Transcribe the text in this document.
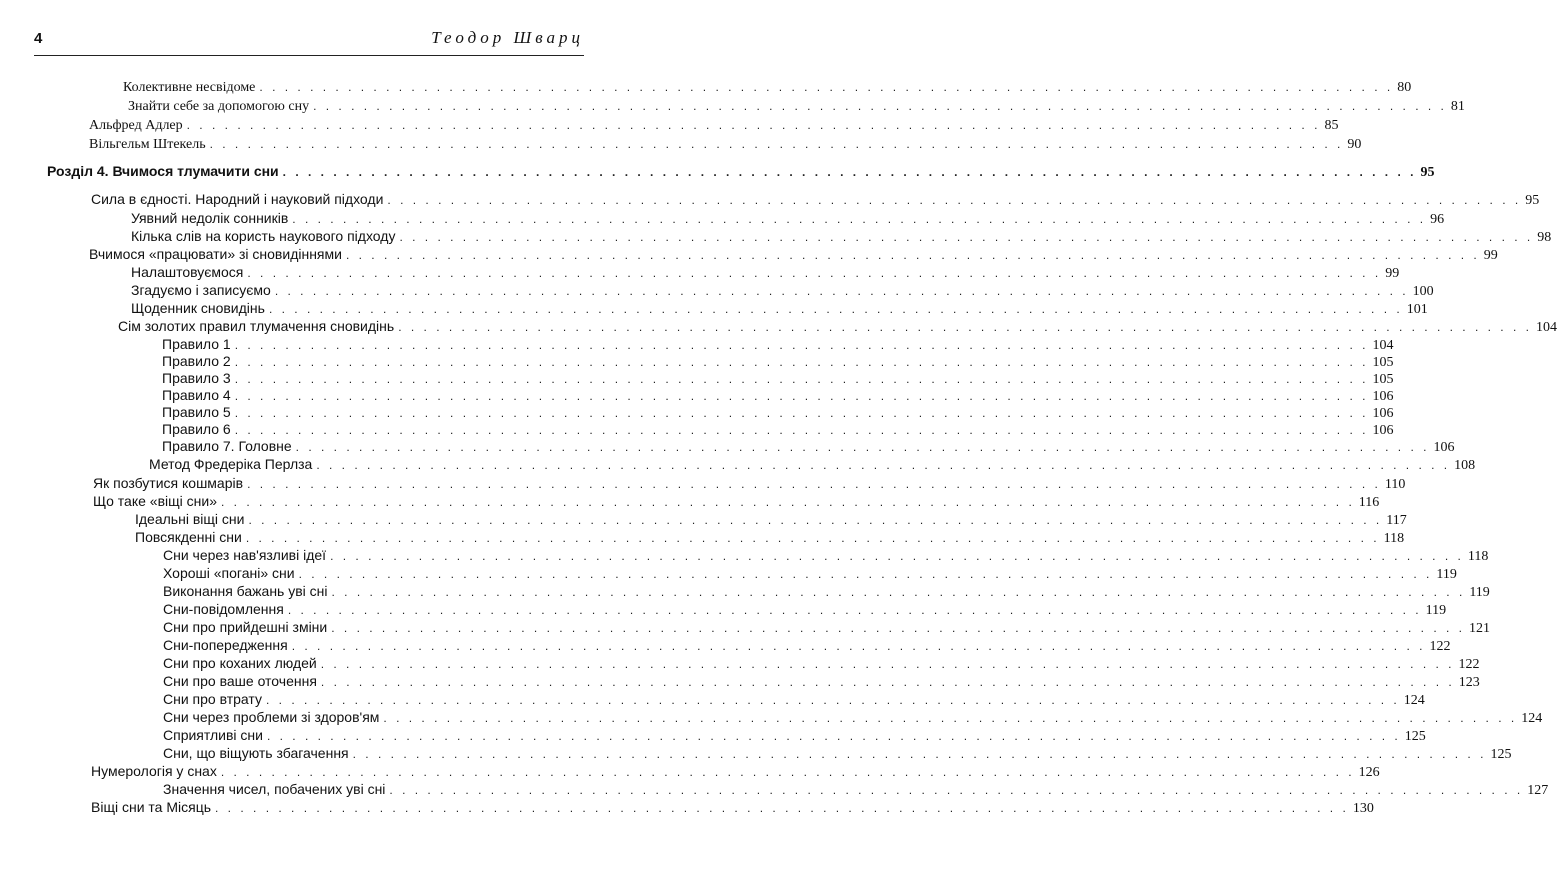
4	Теодор Шварц
Колективне несвідоме . . . . . . . . . . . . . . . . . . . . . . . . . . . . . . . . . . . . . . . . . . . . . . . . . . . . . . . . . . . . . . . . . . . . . . . . . . . . . . . . . . . . . . . . . . 80
Знайти себе за допомогою сну . . . . . . . . . . . . . . . . . . . . . . . . . . . . . . . . . . . . . . . . . . . . . . . . . . . . . . . . . . . . . . . . . . . . . . . . . . . . . . . . . . . . . . . . . . 81
Альфред Адлер . . . . . . . . . . . . . . . . . . . . . . . . . . . . . . . . . . . . . . . . . . . . . . . . . . . . . . . . . . . . . . . . . . . . . . . . . . . . . . . . . . . . . . . . . . 85
Вільгельм Штекель . . . . . . . . . . . . . . . . . . . . . . . . . . . . . . . . . . . . . . . . . . . . . . . . . . . . . . . . . . . . . . . . . . . . . . . . . . . . . . . . . . . . . . . . . . 90
Розділ 4. Вчимося тлумачити сни . . . . . . . . . . . . . . . . . . . . . . . . . . . . . . . . . . . . . . . . . . . . . . . . . . . . . . . . . . . . . . . . . . . . . . . . . . . . . . . . . . . . . . . . . . 95
Сила в єдності. Народний і науковий підходи . . . . . . . . . . . . . . . . . . . . . . . . . . . . . . . . . . . . . . . . . . . . . . . . . . . . . . . . . . . . . . . . . . . . . . . . . . . . . . . . . . . . . . . . . . 95
Уявний недолік сонників . . . . . . . . . . . . . . . . . . . . . . . . . . . . . . . . . . . . . . . . . . . . . . . . . . . . . . . . . . . . . . . . . . . . . . . . . . . . . . . . . . . . . . . . . . 96
Кілька слів на користь наукового підходу . . . . . . . . . . . . . . . . . . . . . . . . . . . . . . . . . . . . . . . . . . . . . . . . . . . . . . . . . . . . . . . . . . . . . . . . . . . . . . . . . . . . . . . . . . 98
Вчимося «працювати» зі сновидіннями . . . . . . . . . . . . . . . . . . . . . . . . . . . . . . . . . . . . . . . . . . . . . . . . . . . . . . . . . . . . . . . . . . . . . . . . . . . . . . . . . . . . . . . . . . 99
Налаштовуємося . . . . . . . . . . . . . . . . . . . . . . . . . . . . . . . . . . . . . . . . . . . . . . . . . . . . . . . . . . . . . . . . . . . . . . . . . . . . . . . . . . . . . . . . . . 99
Згадуємо і записуємо . . . . . . . . . . . . . . . . . . . . . . . . . . . . . . . . . . . . . . . . . . . . . . . . . . . . . . . . . . . . . . . . . . . . . . . . . . . . . . . . . . . . . . . . . . 100
Щоденник сновидінь . . . . . . . . . . . . . . . . . . . . . . . . . . . . . . . . . . . . . . . . . . . . . . . . . . . . . . . . . . . . . . . . . . . . . . . . . . . . . . . . . . . . . . . . . . 101
Сім золотих правил тлумачення сновидінь . . . . . . . . . . . . . . . . . . . . . . . . . . . . . . . . . . . . . . . . . . . . . . . . . . . . . . . . . . . . . . . . . . . . . . . . . . . . . . . . . . . . . . . . . . 104
Правило 1 . . . . . . . . . . . . . . . . . . . . . . . . . . . . . . . . . . . . . . . . . . . . . . . . . . . . . . . . . . . . . . . . . . . . . . . . . . . . . . . . . . . . . . . . . . 104
Правило 2 . . . . . . . . . . . . . . . . . . . . . . . . . . . . . . . . . . . . . . . . . . . . . . . . . . . . . . . . . . . . . . . . . . . . . . . . . . . . . . . . . . . . . . . . . . 105
Правило 3 . . . . . . . . . . . . . . . . . . . . . . . . . . . . . . . . . . . . . . . . . . . . . . . . . . . . . . . . . . . . . . . . . . . . . . . . . . . . . . . . . . . . . . . . . . 105
Правило 4 . . . . . . . . . . . . . . . . . . . . . . . . . . . . . . . . . . . . . . . . . . . . . . . . . . . . . . . . . . . . . . . . . . . . . . . . . . . . . . . . . . . . . . . . . . 106
Правило 5 . . . . . . . . . . . . . . . . . . . . . . . . . . . . . . . . . . . . . . . . . . . . . . . . . . . . . . . . . . . . . . . . . . . . . . . . . . . . . . . . . . . . . . . . . . 106
Правило 6 . . . . . . . . . . . . . . . . . . . . . . . . . . . . . . . . . . . . . . . . . . . . . . . . . . . . . . . . . . . . . . . . . . . . . . . . . . . . . . . . . . . . . . . . . . 106
Правило 7. Головне . . . . . . . . . . . . . . . . . . . . . . . . . . . . . . . . . . . . . . . . . . . . . . . . . . . . . . . . . . . . . . . . . . . . . . . . . . . . . . . . . . . . . . . . . . 106
Метод Фредеріка Перлза . . . . . . . . . . . . . . . . . . . . . . . . . . . . . . . . . . . . . . . . . . . . . . . . . . . . . . . . . . . . . . . . . . . . . . . . . . . . . . . . . . . . . . . . . . 108
Як позбутися кошмарів . . . . . . . . . . . . . . . . . . . . . . . . . . . . . . . . . . . . . . . . . . . . . . . . . . . . . . . . . . . . . . . . . . . . . . . . . . . . . . . . . . . . . . . . . . 110
Що таке «віщі сни» . . . . . . . . . . . . . . . . . . . . . . . . . . . . . . . . . . . . . . . . . . . . . . . . . . . . . . . . . . . . . . . . . . . . . . . . . . . . . . . . . . . . . . . . . . 116
Ідеальні віщі сни . . . . . . . . . . . . . . . . . . . . . . . . . . . . . . . . . . . . . . . . . . . . . . . . . . . . . . . . . . . . . . . . . . . . . . . . . . . . . . . . . . . . . . . . . . 117
Повсякденні сни . . . . . . . . . . . . . . . . . . . . . . . . . . . . . . . . . . . . . . . . . . . . . . . . . . . . . . . . . . . . . . . . . . . . . . . . . . . . . . . . . . . . . . . . . . 118
Сни через нав'язливі ідеї . . . . . . . . . . . . . . . . . . . . . . . . . . . . . . . . . . . . . . . . . . . . . . . . . . . . . . . . . . . . . . . . . . . . . . . . . . . . . . . . . . . . . . . . . . 118
Хороші «погані» сни . . . . . . . . . . . . . . . . . . . . . . . . . . . . . . . . . . . . . . . . . . . . . . . . . . . . . . . . . . . . . . . . . . . . . . . . . . . . . . . . . . . . . . . . . . 119
Виконання бажань уві сні . . . . . . . . . . . . . . . . . . . . . . . . . . . . . . . . . . . . . . . . . . . . . . . . . . . . . . . . . . . . . . . . . . . . . . . . . . . . . . . . . . . . . . . . . . 119
Сни-повідомлення . . . . . . . . . . . . . . . . . . . . . . . . . . . . . . . . . . . . . . . . . . . . . . . . . . . . . . . . . . . . . . . . . . . . . . . . . . . . . . . . . . . . . . . . . . 119
Сни про прийдешні зміни . . . . . . . . . . . . . . . . . . . . . . . . . . . . . . . . . . . . . . . . . . . . . . . . . . . . . . . . . . . . . . . . . . . . . . . . . . . . . . . . . . . . . . . . . . 121
Сни-попередження . . . . . . . . . . . . . . . . . . . . . . . . . . . . . . . . . . . . . . . . . . . . . . . . . . . . . . . . . . . . . . . . . . . . . . . . . . . . . . . . . . . . . . . . . . 122
Сни про коханих людей . . . . . . . . . . . . . . . . . . . . . . . . . . . . . . . . . . . . . . . . . . . . . . . . . . . . . . . . . . . . . . . . . . . . . . . . . . . . . . . . . . . . . . . . . . 122
Сни про ваше оточення . . . . . . . . . . . . . . . . . . . . . . . . . . . . . . . . . . . . . . . . . . . . . . . . . . . . . . . . . . . . . . . . . . . . . . . . . . . . . . . . . . . . . . . . . . 123
Сни про втрату . . . . . . . . . . . . . . . . . . . . . . . . . . . . . . . . . . . . . . . . . . . . . . . . . . . . . . . . . . . . . . . . . . . . . . . . . . . . . . . . . . . . . . . . . . 124
Сни через проблеми зі здоров'ям . . . . . . . . . . . . . . . . . . . . . . . . . . . . . . . . . . . . . . . . . . . . . . . . . . . . . . . . . . . . . . . . . . . . . . . . . . . . . . . . . . . . . . . . . . 124
Сприятливі сни . . . . . . . . . . . . . . . . . . . . . . . . . . . . . . . . . . . . . . . . . . . . . . . . . . . . . . . . . . . . . . . . . . . . . . . . . . . . . . . . . . . . . . . . . . 125
Сни, що віщують збагачення . . . . . . . . . . . . . . . . . . . . . . . . . . . . . . . . . . . . . . . . . . . . . . . . . . . . . . . . . . . . . . . . . . . . . . . . . . . . . . . . . . . . . . . . . . 125
Нумерологія у снах . . . . . . . . . . . . . . . . . . . . . . . . . . . . . . . . . . . . . . . . . . . . . . . . . . . . . . . . . . . . . . . . . . . . . . . . . . . . . . . . . . . . . . . . . . 126
Значення чисел, побачених уві сні . . . . . . . . . . . . . . . . . . . . . . . . . . . . . . . . . . . . . . . . . . . . . . . . . . . . . . . . . . . . . . . . . . . . . . . . . . . . . . . . . . . . . . . . . . 127
Віщі сни та Місяць . . . . . . . . . . . . . . . . . . . . . . . . . . . . . . . . . . . . . . . . . . . . . . . . . . . . . . . . . . . . . . . . . . . . . . . . . . . . . . . . . . . . . . . . . . 130
